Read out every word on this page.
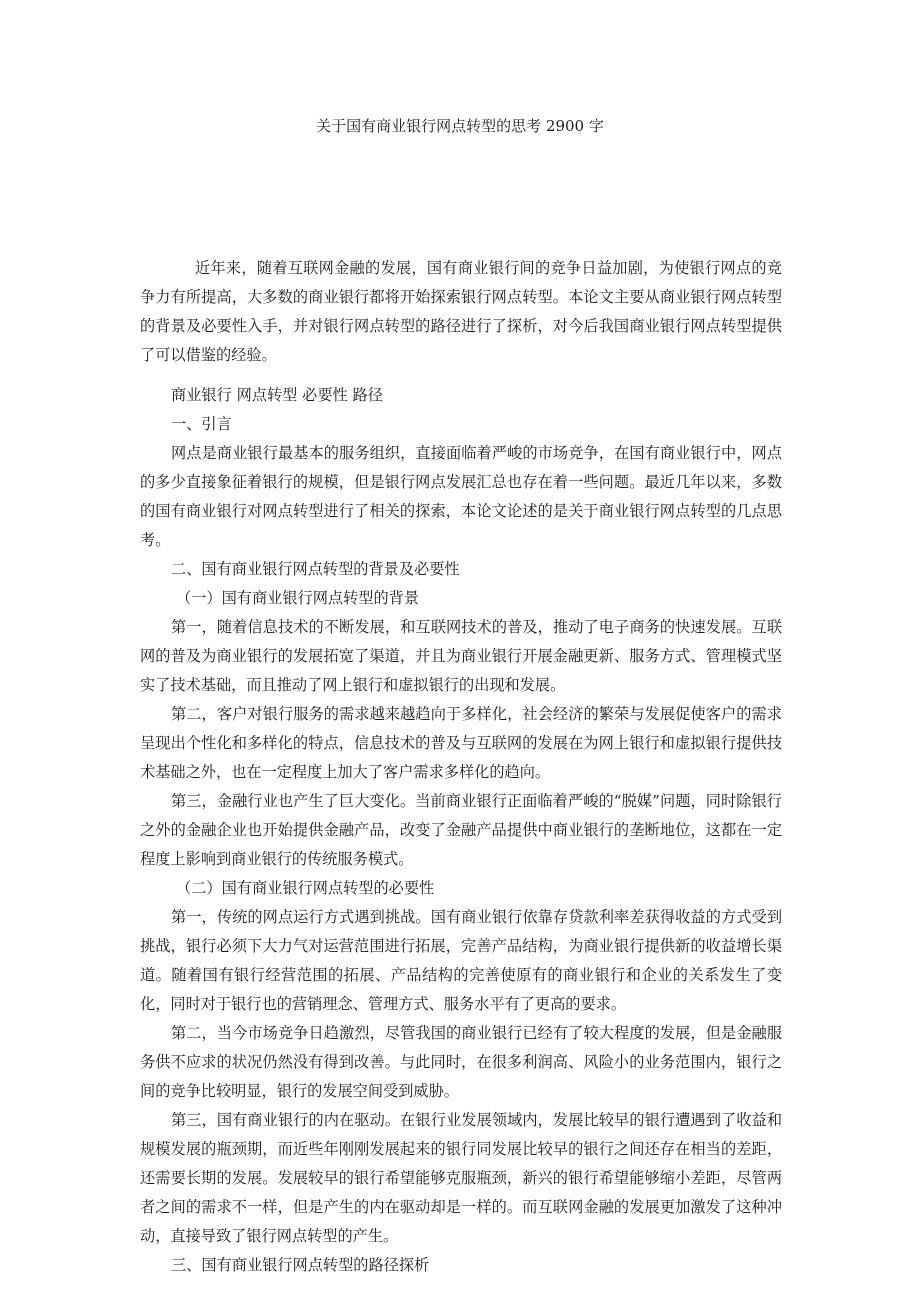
关于国有商业银行网点转型的思考 2900 字
近年来，随着互联网金融的发展，国有商业银行间的竞争日益加剧，为使银行网点的竞争力有所提高，大多数的商业银行都将开始探索银行网点转型。本论文主要从商业银行网点转型的背景及必要性入手，并对银行网点转型的路径进行了探析，对今后我国商业银行网点转型提供了可以借鉴的经验。

商业银行 网点转型 必要性 路径

一、引言

网点是商业银行最基本的服务组织，直接面临着严峻的市场竞争，在国有商业银行中，网点的多少直接象征着银行的规模，但是银行网点发展汇总也存在着一些问题。最近几年以来，多数的国有商业银行对网点转型进行了相关的探索，本论文论述的是关于商业银行网点转型的几点思考。

二、国有商业银行网点转型的背景及必要性

（一）国有商业银行网点转型的背景

第一，随着信息技术的不断发展，和互联网技术的普及，推动了电子商务的快速发展。互联网的普及为商业银行的发展拓宽了渠道，并且为商业银行开展金融更新、服务方式、管理模式坚实了技术基础，而且推动了网上银行和虚拟银行的出现和发展。

第二，客户对银行服务的需求越来越趋向于多样化，社会经济的繁荣与发展促使客户的需求呈现出个性化和多样化的特点，信息技术的普及与互联网的发展在为网上银行和虚拟银行提供技术基础之外，也在一定程度上加大了客户需求多样化的趋向。

第三，金融行业也产生了巨大变化。当前商业银行正面临着严峻的“脱媒”问题，同时除银行之外的金融企业也开始提供金融产品，改变了金融产品提供中商业银行的垄断地位，这都在一定程度上影响到商业银行的传统服务模式。

（二）国有商业银行网点转型的必要性

第一，传统的网点运行方式遇到挑战。国有商业银行依靠存贷款利率差获得收益的方式受到挑战，银行必须下大力气对运营范围进行拓展，完善产品结构，为商业银行提供新的收益增长渠道。随着国有银行经营范围的拓展、产品结构的完善使原有的商业银行和企业的关系发生了变化，同时对于银行也的营销理念、管理方式、服务水平有了更高的要求。

第二，当今市场竞争日趋激烈，尽管我国的商业银行已经有了较大程度的发展，但是金融服务供不应求的状况仍然没有得到改善。与此同时，在很多利润高、风险小的业务范围内，银行之间的竞争比较明显，银行的发展空间受到威胁。

第三，国有商业银行的内在驱动。在银行业发展领域内，发展比较早的银行遭遇到了收益和规模发展的瓶颈期，而近些年刚刚发展起来的银行同发展比较早的银行之间还存在相当的差距，还需要长期的发展。发展较早的银行希望能够克服瓶颈，新兴的银行希望能够缩小差距，尽管两者之间的需求不一样，但是产生的内在驱动却是一样的。而互联网金融的发展更加激发了这种冲动，直接导致了银行网点转型的产生。

三、国有商业银行网点转型的路径探析
